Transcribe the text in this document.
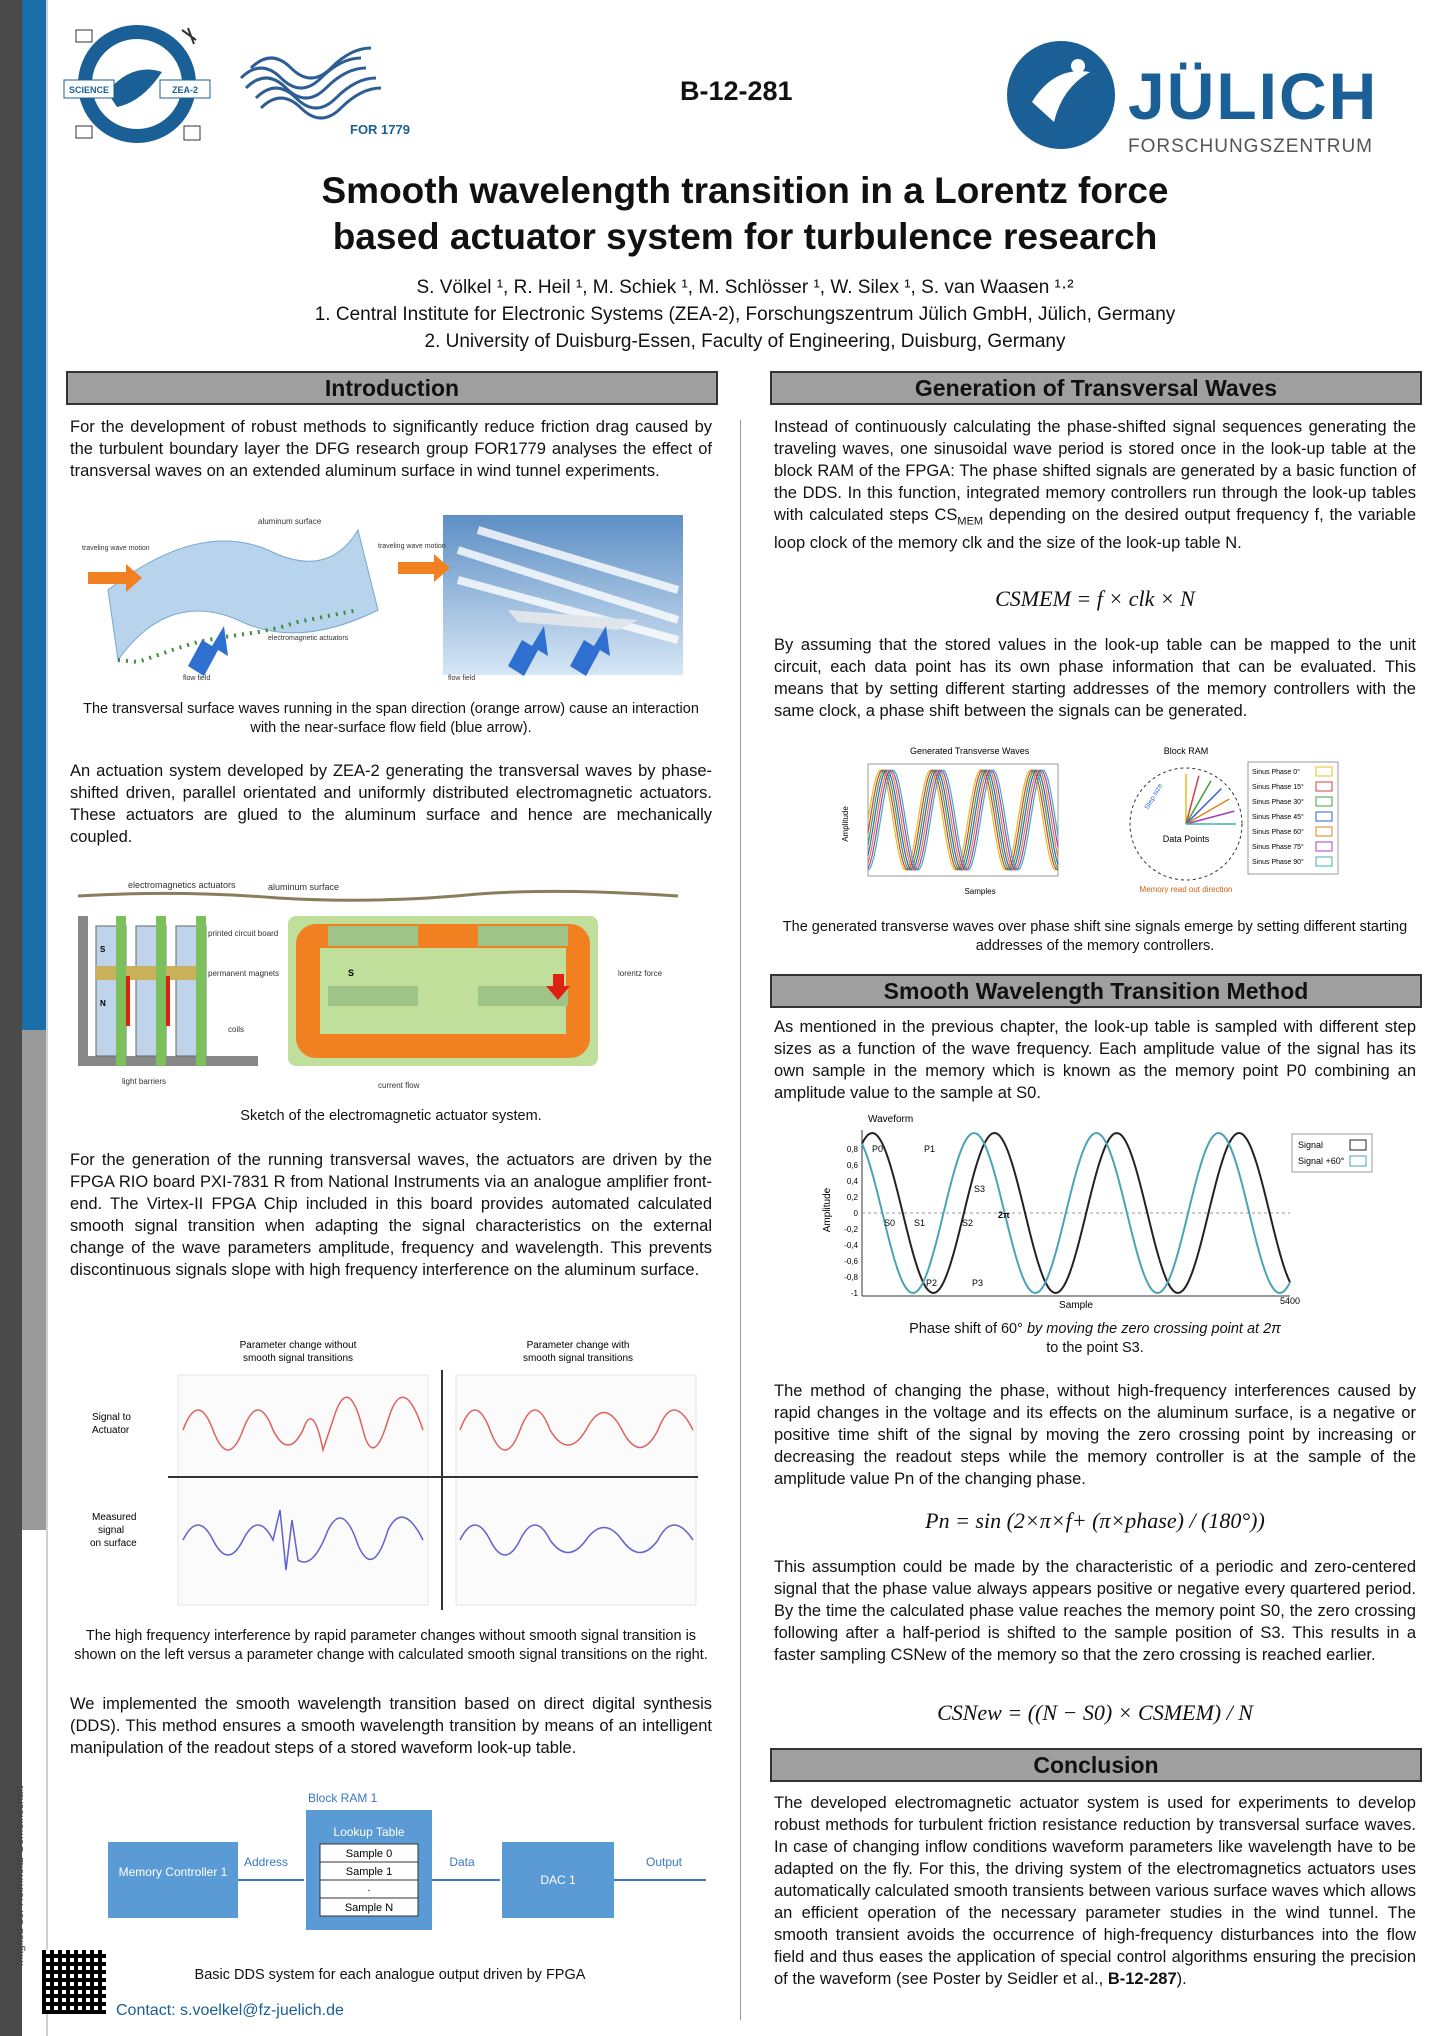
Mitglied der Helmholtz-Gemeinschaft
SCIENCE	ZEA-2
FOR 1779
B-12-281	JÜLICH
FORSCHUNGSZENTRUM
Smooth wavelength transition in a Lorentz force
based actuator system for turbulence research
S. Völkel ¹, R. Heil ¹, M. Schiek ¹, M. Schlösser ¹, W. Silex ¹, S. van Waasen ¹·²
1. Central Institute for Electronic Systems (ZEA-2), Forschungszentrum Jülich GmbH, Jülich, Germany
2. University of Duisburg-Essen, Faculty of Engineering, Duisburg, Germany
Introduction
For the development of robust methods to significantly reduce friction drag caused by the turbulent boundary layer the DFG research group FOR1779 analyses the effect of transversal waves on an extended aluminum surface in wind tunnel experiments.
aluminum surface
traveling wave motion
electromagnetic actuators
flow field
traveling wave motion
flow field
The transversal surface waves running in the span direction (orange arrow) cause an interaction with the near-surface flow field (blue arrow).
An actuation system developed by ZEA-2 generating the transversal waves by phase-shifted driven, parallel orientated and uniformly distributed electromagnetic actuators. These actuators are glued to the aluminum surface and hence are mechanically coupled.
electromagnetics actuators	aluminum surface
S
N
printed circuit board
permanent magnets
coils
light barriers
S	lorentz force
current flow
Sketch of the electromagnetic actuator system.
For the generation of the running transversal waves, the actuators are driven by the FPGA RIO board PXI-7831 R from National Instruments via an analogue amplifier front-end. The Virtex-II FPGA Chip included in this board provides automated calculated smooth signal transition when adapting the signal characteristics on the external change of the wave parameters amplitude, frequency and wavelength. This prevents discontinuous signals slope with high frequency interference on the aluminum surface.
Parameter change without
smooth signal transitions
Parameter change with
smooth signal transitions
Signal to
Actuator
Measured
signal
on surface
The high frequency interference by rapid parameter changes without smooth signal transition is shown on the left versus a parameter change with calculated smooth signal transitions on the right.
We implemented the smooth wavelength transition based on direct digital synthesis (DDS). This method ensures a smooth wavelength transition by means of an intelligent manipulation of the readout steps of a stored waveform look-up table.
Block RAM 1
Memory Controller 1
Address
Lookup Table
Sample 0
Sample 1
.
Sample N
Data
DAC 1
Output
Basic DDS system for each analogue output driven by FPGA
Contact: s.voelkel@fz-juelich.de
Generation of Transversal Waves
Instead of continuously calculating the phase-shifted signal sequences generating the traveling waves, one sinusoidal wave period is stored once in the look-up table at the block RAM of the FPGA: The phase shifted signals are generated by a basic function of the DDS. In this function, integrated memory controllers run through the look-up tables with calculated steps $CS_{MEM}$ depending on the desired output frequency f, the variable loop clock of the memory clk and the size of the look-up table N.
CSMEM = f × clk × N
By assuming that the stored values in the look-up table can be mapped to the unit circuit, each data point has its own phase information that can be evaluated. This means that by setting different starting addresses of the memory controllers with the same clock, a phase shift between the signals can be generated.
Generated Transverse Waves
Amplitude
Samples
Block RAM
Data Points
Step size
Memory read out direction
Sinus Phase 0°
Sinus Phase 15°
Sinus Phase 30°
Sinus Phase 45°
Sinus Phase 60°
Sinus Phase 75°
Sinus Phase 90°
The generated transverse waves over phase shift sine signals emerge by setting different starting addresses of the memory controllers.
Smooth Wavelength Transition Method
As mentioned in the previous chapter, the look-up table is sampled with different step sizes as a function of the wave frequency. Each amplitude value of the signal has its own sample in the memory which is known as the memory point P0 combining an amplitude value to the sample at S0.
Waveform
Amplitude
Sample	5400
0,8
0,6
0,4
0,2
0
-0,2
-0,4
-0,6
-0,8
-1
P0	P1
P2	P3
S0 S1	S2
S3
2π
Signal
Signal +60°
Phase shift of 60° by moving the zero crossing point at 2π
to the point S3.
The method of changing the phase, without high-frequency interferences caused by rapid changes in the voltage and its effects on the aluminum surface, is a negative or positive time shift of the signal by moving the zero crossing point by increasing or decreasing the readout steps while the memory controller is at the sample of the amplitude value Pn of the changing phase.
Pn = sin (2×π×f+ (π×phase) / (180°))
This assumption could be made by the characteristic of a periodic and zero-centered signal that the phase value always appears positive or negative every quartered period. By the time the calculated phase value reaches the memory point S0, the zero crossing following after a half-period is shifted to the sample position of S3. This results in a faster sampling CSNew of the memory so that the zero crossing is reached earlier.
CSNew = ((N − S0) × CSMEM) / N
Conclusion
The developed electromagnetic actuator system is used for experiments to develop robust methods for turbulent friction resistance reduction by transversal surface waves. In case of changing inflow conditions waveform parameters like wavelength have to be adapted on the fly. For this, the driving system of the electromagnetics actuators uses automatically calculated smooth transients between various surface waves which allows an efficient operation of the necessary parameter studies in the wind tunnel. The smooth transient avoids the occurrence of high-frequency disturbances into the flow field and thus eases the application of special control algorithms ensuring the precision of the waveform (see Poster by Seidler et al., B-12-287).
